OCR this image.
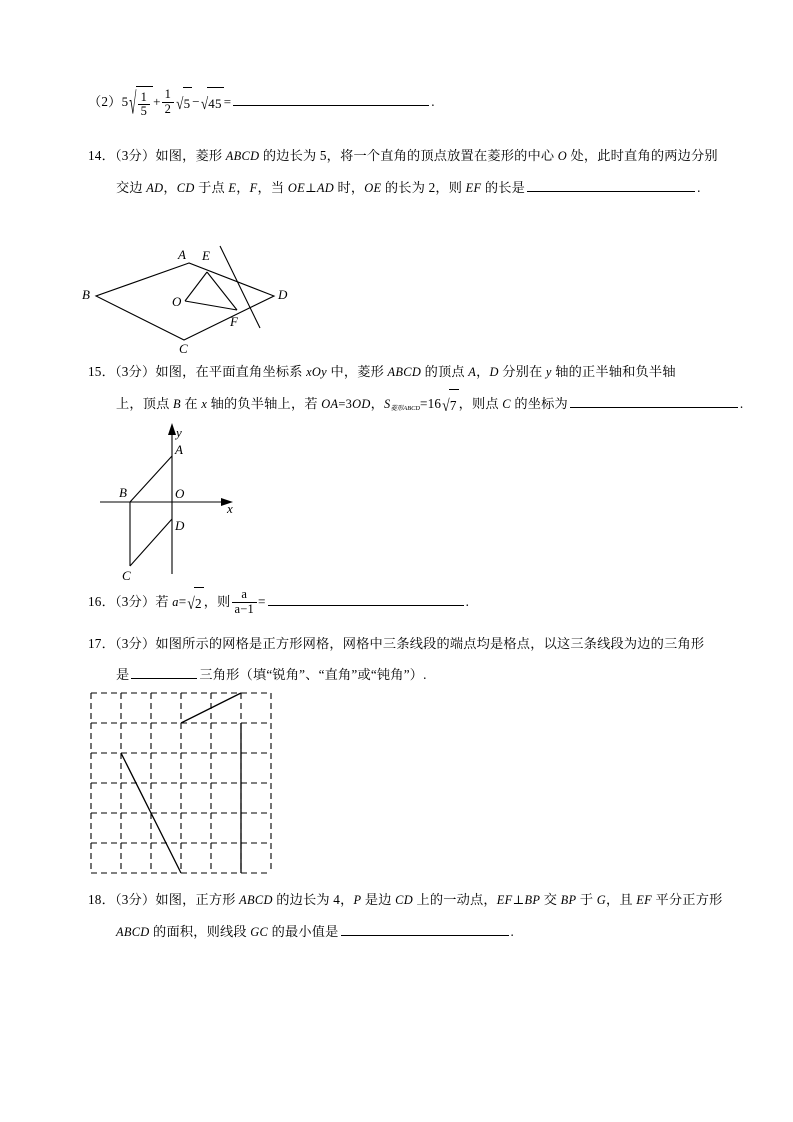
$(2)5√ \frac{1}{5} + \frac{1}{2} √5 -√45$ =	.
14．（3分）如图，菱形 ABCD 的边长为 5，将一个直角的顶点放置在菱形的中心 O 处，此时直角的两边分别
交边 AD，CD 于点 E，F，当 OE⊥AD 时，OE 的长为 2，则 EF 的长是	.
A
B
C
D
O
E
F
15．（3分）如图，在平面直角坐标系 xOy 中，菱形 ABCD 的顶点 A，D 分别在 y 轴的正半轴和负半轴
上，顶点 B 在 x 轴的负半轴上，若 OA=3OD，$S_{菱形ABCD}=16√7$ ，则点 C 的坐标为	.
A
B
C
D
O
x
y
16．（3分）若 a=√2 ，则 $\frac{a}{a-1}$ =	.
17．（3分）如图所示的网格是正方形网格，网格中三条线段的端点均是格点，以这三条线段为边的三角形
是	三角形（填“锐角”、“直角”或“钝角”）.
18．（3分）如图，正方形 ABCD 的边长为 4，P 是边 CD 上的一动点，EF⊥BP 交 BP 于 G，且 EF 平分正方形
ABCD 的面积，则线段 GC 的最小值是	.
